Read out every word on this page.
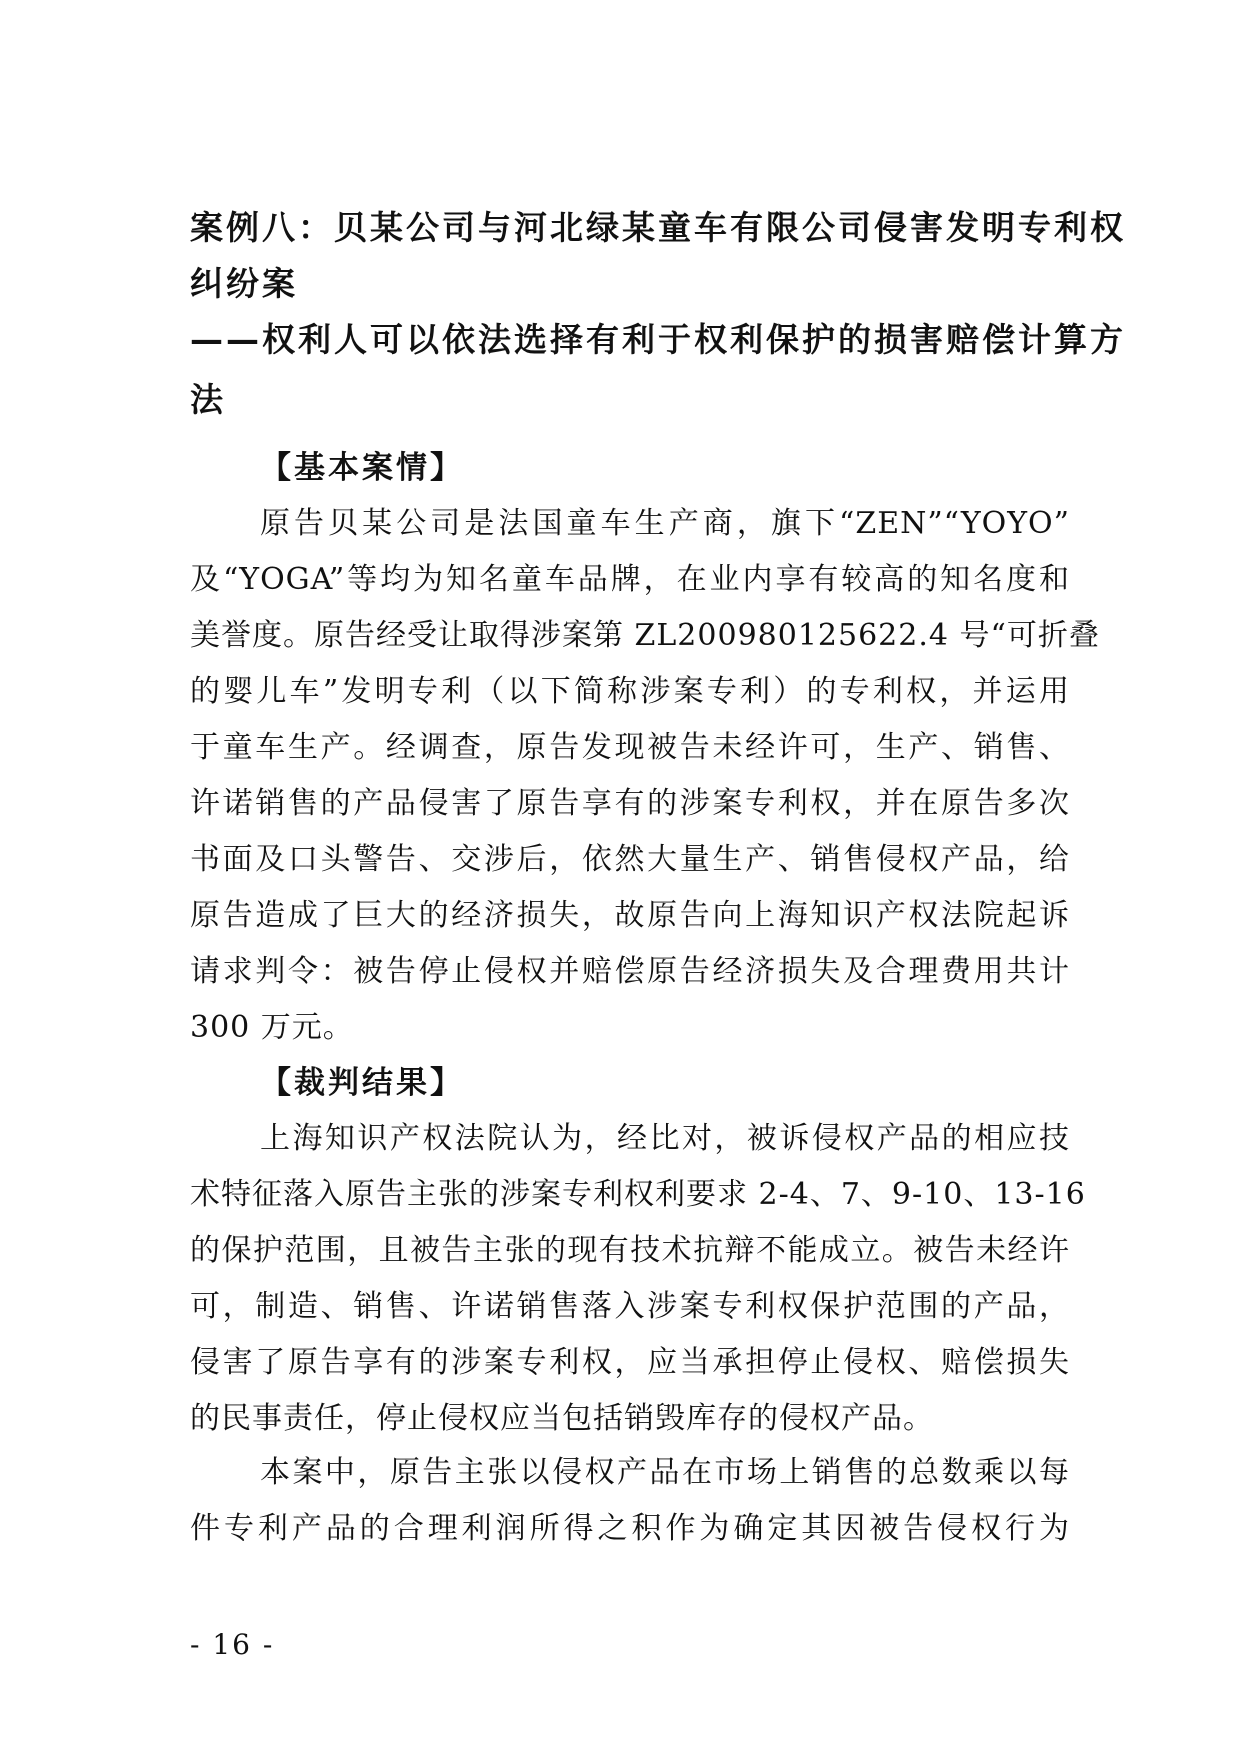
案例八：贝某公司与河北绿某童车有限公司侵害发明专利权
纠纷案
——权利人可以依法选择有利于权利保护的损害赔偿计算方
法
【基本案情】
原告贝某公司是法国童车生产商，旗下“ZEN”“YOYO”
及“YOGA”等均为知名童车品牌，在业内享有较高的知名度和
美誉度。原告经受让取得涉案第 ZL200980125622.4 号“可折叠
的婴儿车”发明专利（以下简称涉案专利）的专利权，并运用
于童车生产。经调查，原告发现被告未经许可，生产、销售、
许诺销售的产品侵害了原告享有的涉案专利权，并在原告多次
书面及口头警告、交涉后，依然大量生产、销售侵权产品，给
原告造成了巨大的经济损失，故原告向上海知识产权法院起诉
请求判令：被告停止侵权并赔偿原告经济损失及合理费用共计
300 万元。
【裁判结果】
上海知识产权法院认为，经比对，被诉侵权产品的相应技
术特征落入原告主张的涉案专利权利要求 2-4、7、9-10、13-16
的保护范围，且被告主张的现有技术抗辩不能成立。被告未经许
可，制造、销售、许诺销售落入涉案专利权保护范围的产品，
侵害了原告享有的涉案专利权，应当承担停止侵权、赔偿损失
的民事责任，停止侵权应当包括销毁库存的侵权产品。
本案中，原告主张以侵权产品在市场上销售的总数乘以每
件专利产品的合理利润所得之积作为确定其因被告侵权行为
- 16 -
